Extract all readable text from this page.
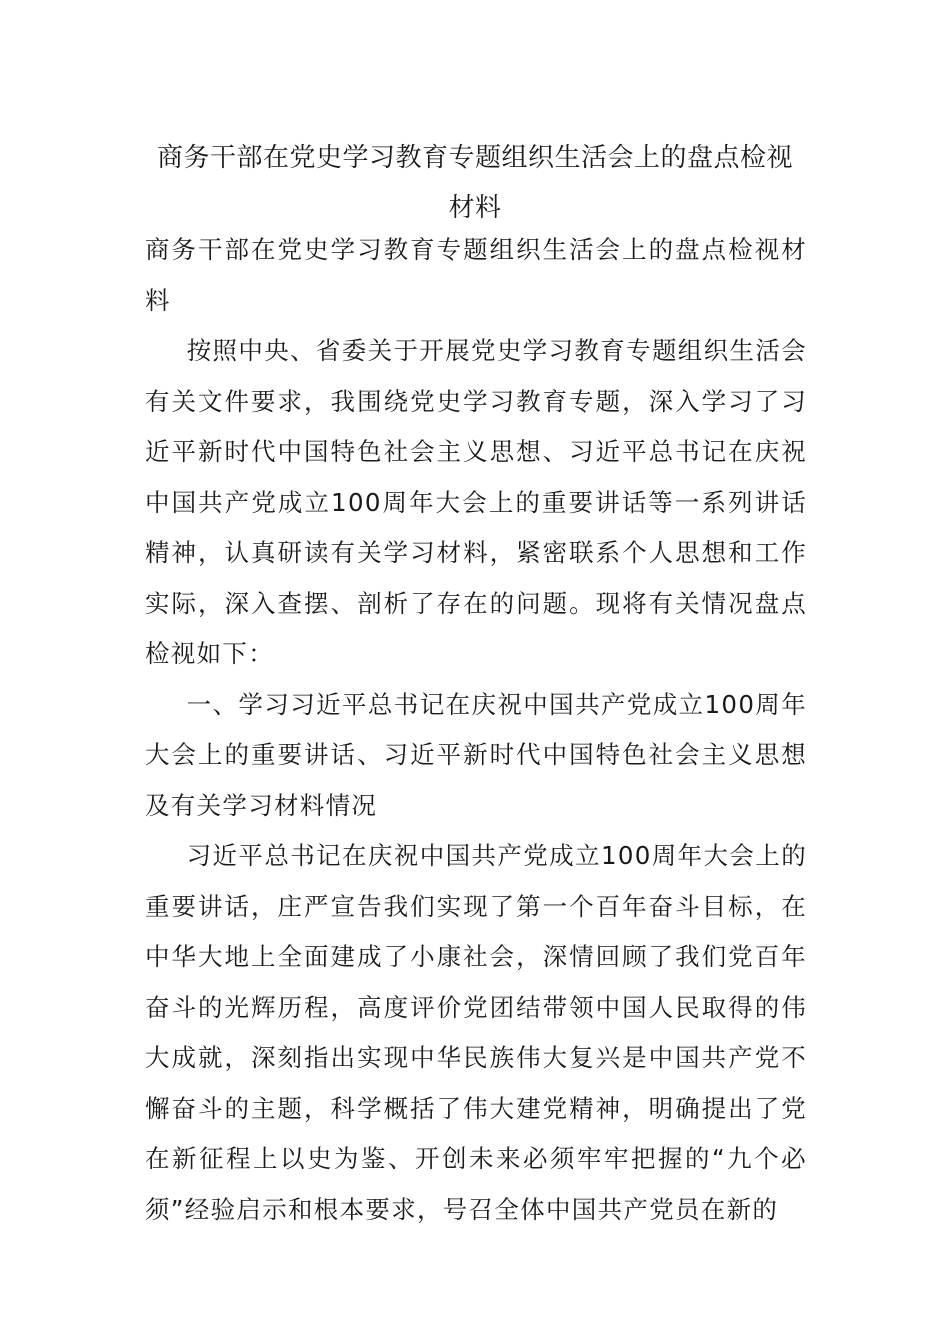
商务干部在党史学习教育专题组织生活会上的盘点检视材料

商务干部在党史学习教育专题组织生活会上的盘点检视材料

按照中央、省委关于开展党史学习教育专题组织生活会有关文件要求，我围绕党史学习教育专题，深入学习了习近平新时代中国特色社会主义思想、习近平总书记在庆祝中国共产党成立100周年大会上的重要讲话等一系列讲话精神，认真研读有关学习材料，紧密联系个人思想和工作实际，深入查摆、剖析了存在的问题。现将有关情况盘点检视如下：

一、学习习近平总书记在庆祝中国共产党成立100周年大会上的重要讲话、习近平新时代中国特色社会主义思想及有关学习材料情况

习近平总书记在庆祝中国共产党成立100周年大会上的重要讲话，庄严宣告我们实现了第一个百年奋斗目标，在中华大地上全面建成了小康社会，深情回顾了我们党百年奋斗的光辉历程，高度评价党团结带领中国人民取得的伟大成就，深刻指出实现中华民族伟大复兴是中国共产党不懈奋斗的主题，科学概括了伟大建党精神，明确提出了党在新征程上以史为鉴、开创未来必须牢牢把握的“九个必须”经验启示和根本要求，号召全体中国共产党员在新的
